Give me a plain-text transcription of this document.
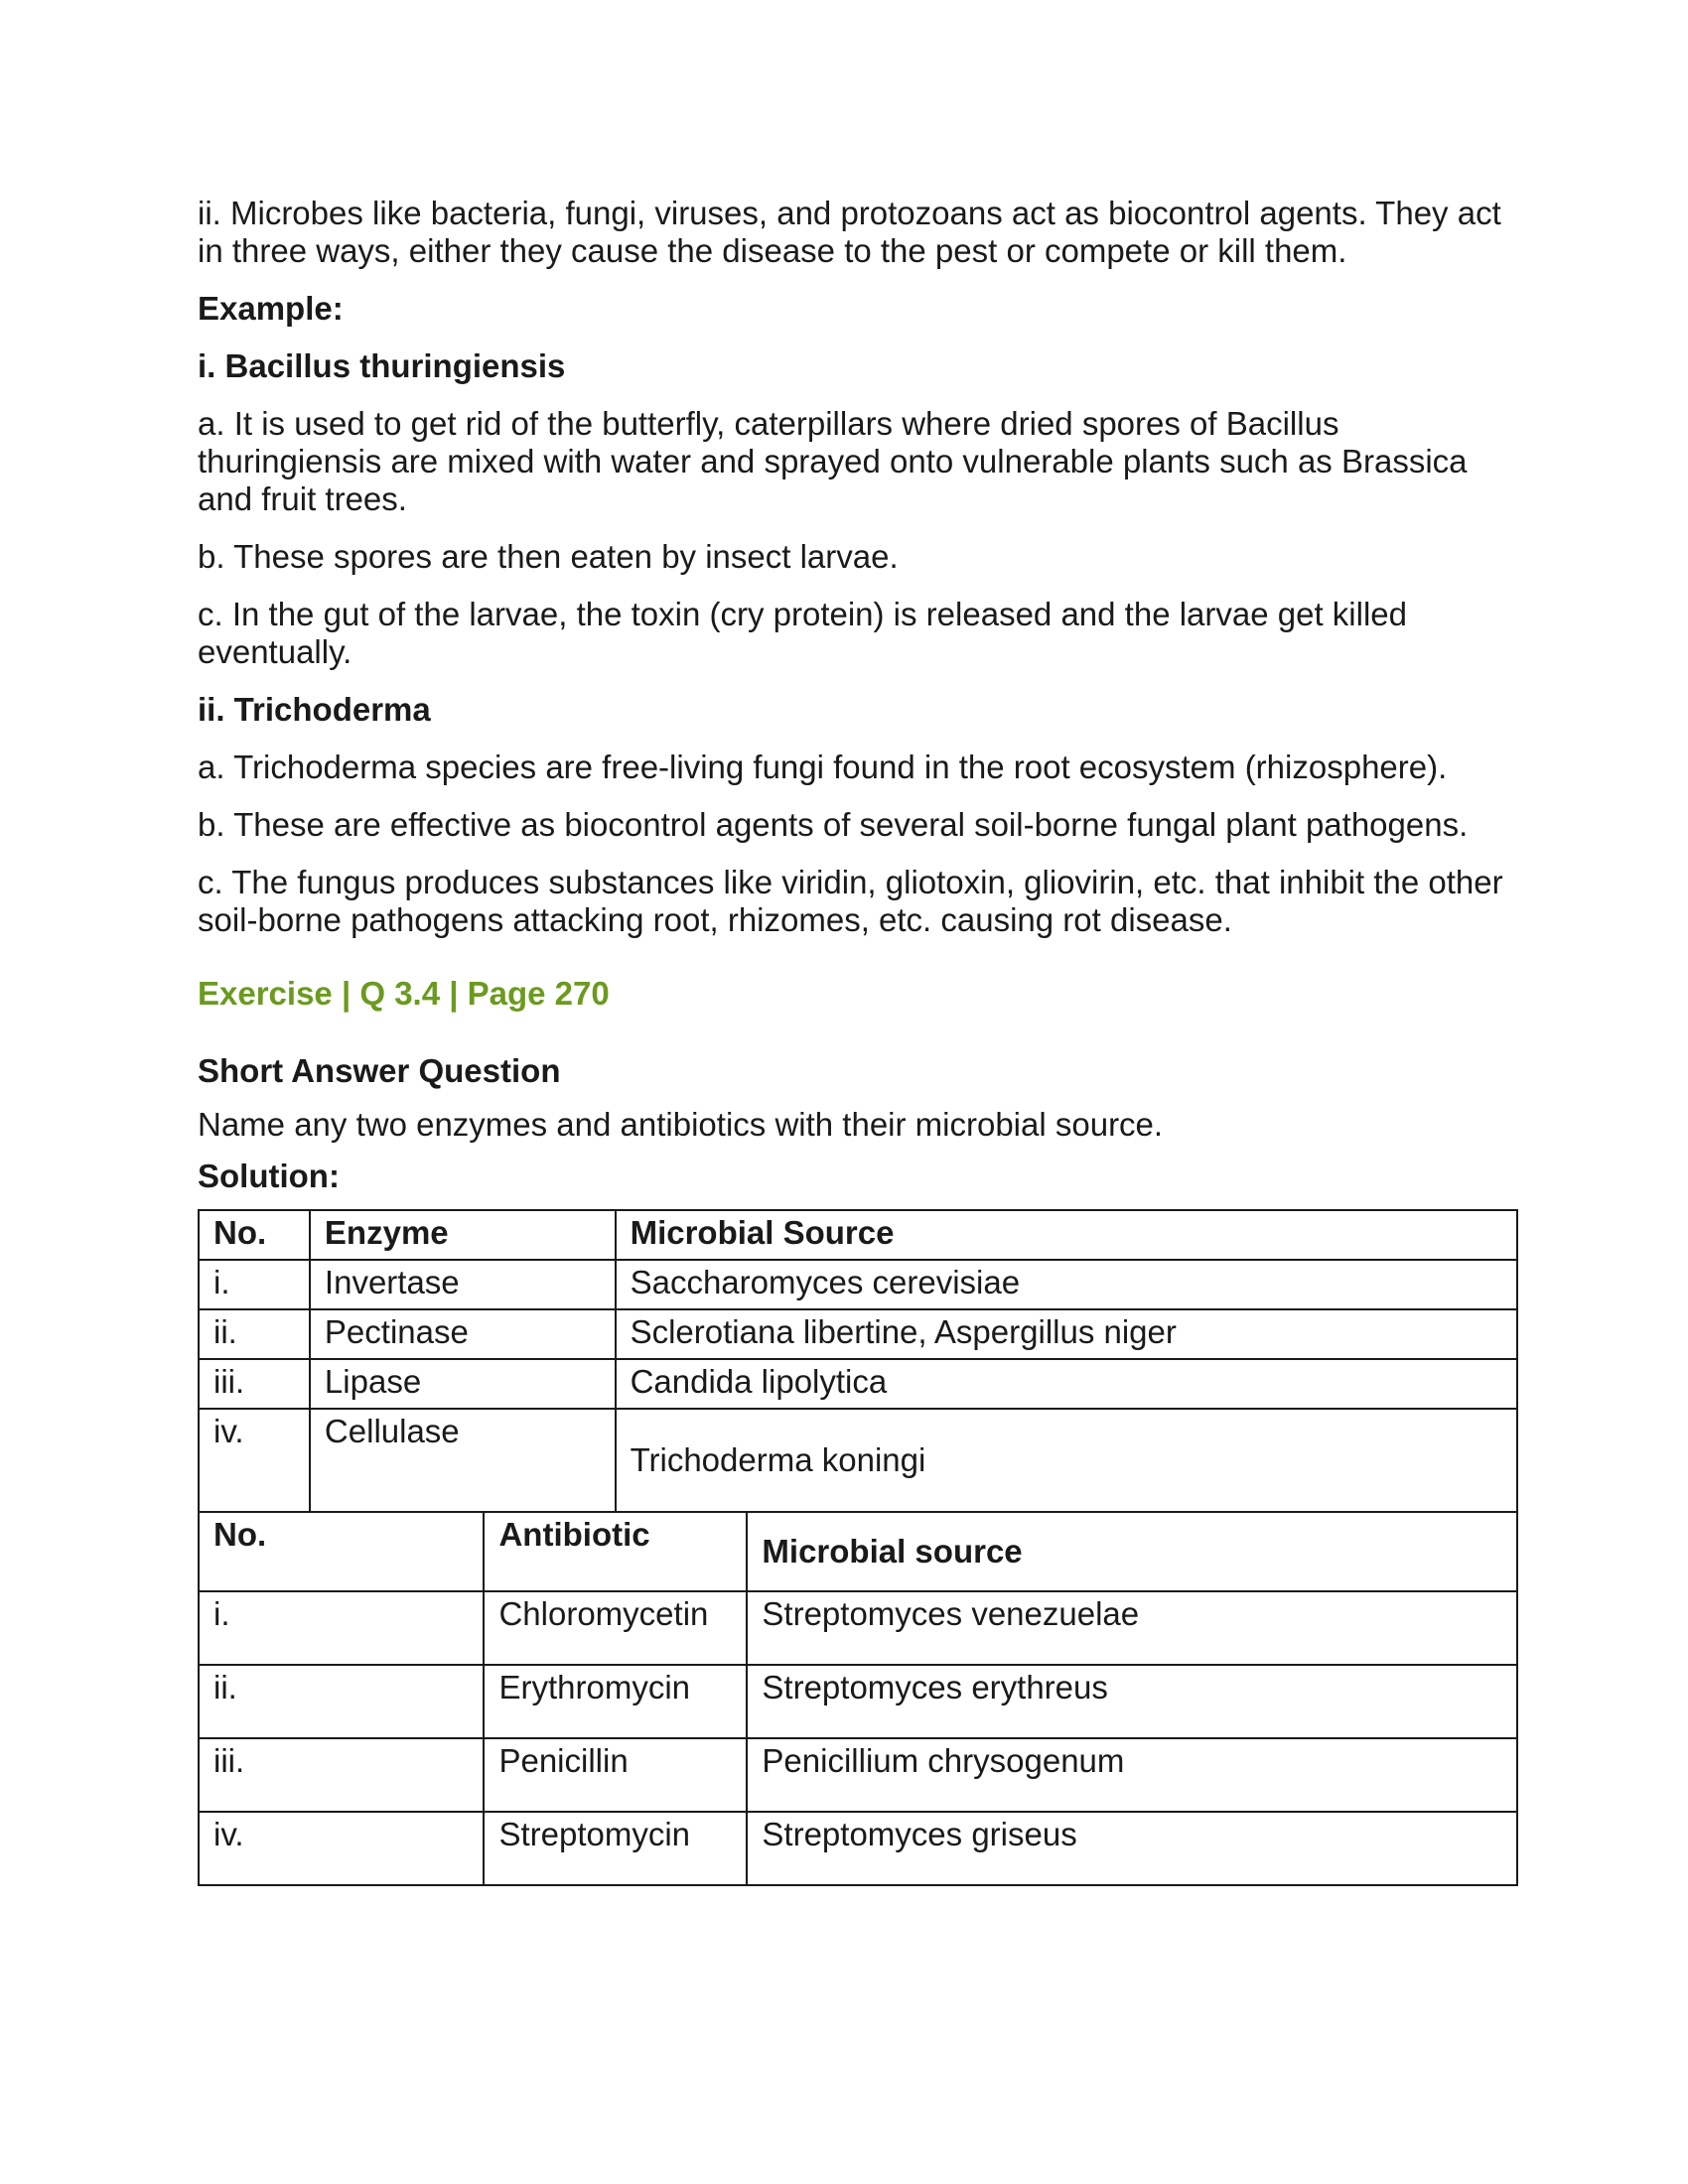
ii. Microbes like bacteria, fungi, viruses, and protozoans act as biocontrol agents. They act in three ways, either they cause the disease to the pest or compete or kill them.

Example:

i. Bacillus thuringiensis

a. It is used to get rid of the butterfly, caterpillars where dried spores of Bacillus thuringiensis are mixed with water and sprayed onto vulnerable plants such as Brassica and fruit trees.

b. These spores are then eaten by insect larvae.

c. In the gut of the larvae, the toxin (cry protein) is released and the larvae get killed eventually.

ii. Trichoderma

a. Trichoderma species are free-living fungi found in the root ecosystem (rhizosphere).

b. These are effective as biocontrol agents of several soil-borne fungal plant pathogens.

c. The fungus produces substances like viridin, gliotoxin, gliovirin, etc. that inhibit the other soil-borne pathogens attacking root, rhizomes, etc. causing rot disease.

Exercise | Q 3.4 | Page 270

Short Answer Question

Name any two enzymes and antibiotics with their microbial source.

Solution:

No.	Enzyme	Microbial Source
i.	Invertase	Saccharomyces cerevisiae
ii.	Pectinase	Sclerotiana libertine, Aspergillus niger
iii.	Lipase	Candida lipolytica
iv.	Cellulase	Trichoderma koningi
No.	Antibiotic	Microbial source
i.	Chloromycetin	Streptomyces venezuelae
ii.	Erythromycin	Streptomyces erythreus
iii.	Penicillin	Penicillium chrysogenum
iv.	Streptomycin	Streptomyces griseus
